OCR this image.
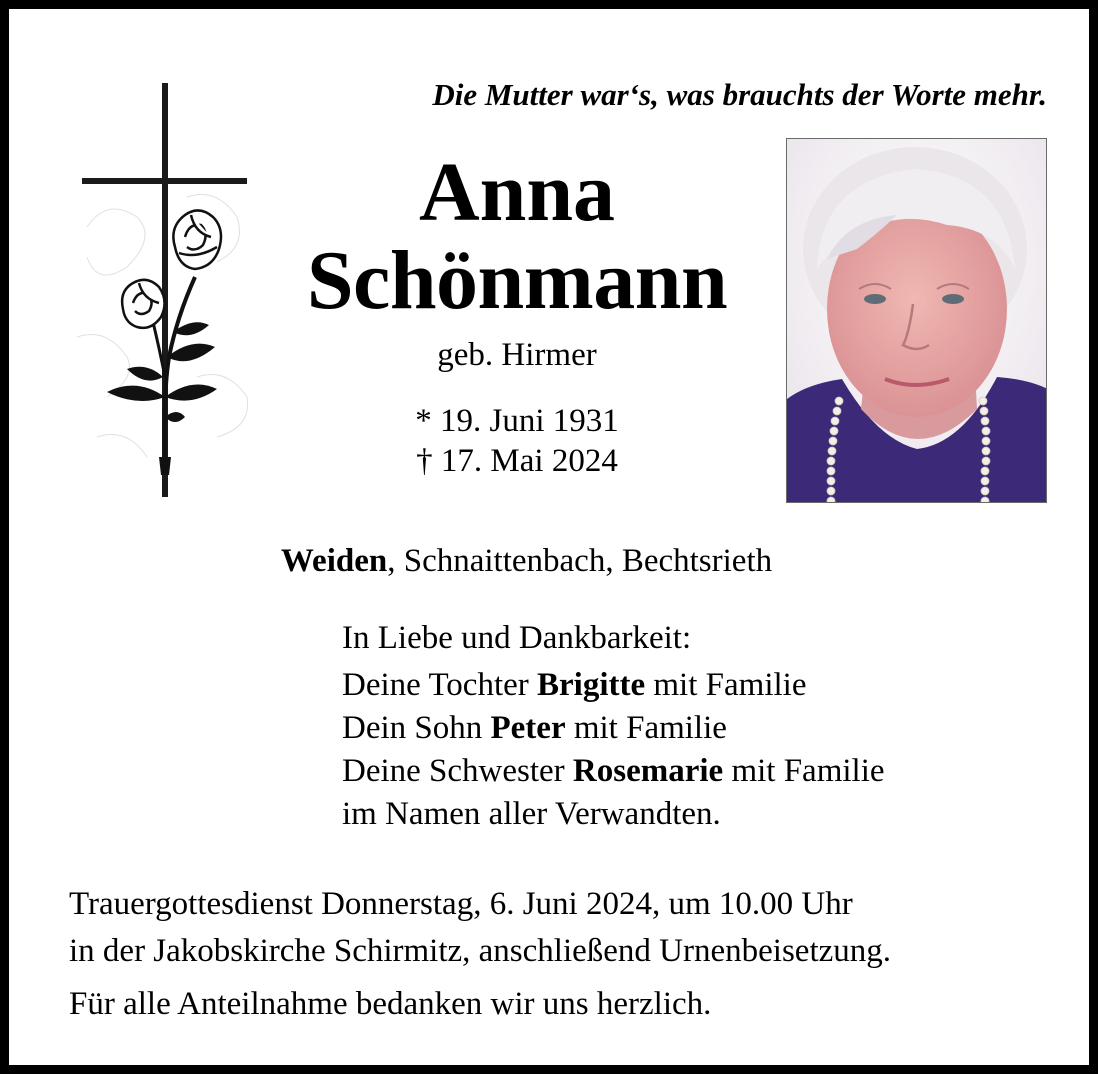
Die Mutter war‘s, was brauchts der Worte mehr.
Anna
Schönmann
geb. Hirmer
* 19. Juni 1931
† 17. Mai 2024
Weiden, Schnaittenbach, Bechtsrieth
In Liebe und Dankbarkeit:
Deine Tochter Brigitte mit Familie
Dein Sohn Peter mit Familie
Deine Schwester Rosemarie mit Familie
im Namen aller Verwandten.
Trauergottesdienst Donnerstag, 6. Juni 2024, um 10.00 Uhr
in der Jakobskirche Schirmitz, anschließend Urnenbeisetzung.
Für alle Anteilnahme bedanken wir uns herzlich.
